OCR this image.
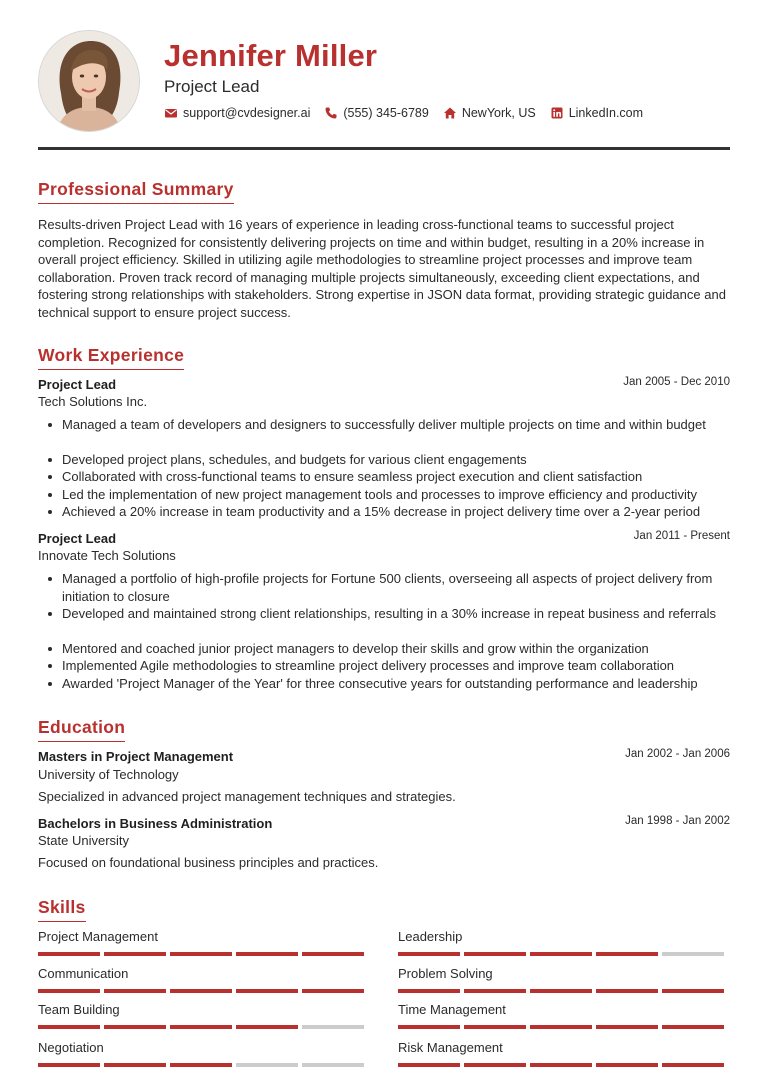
Jennifer Miller
Project Lead
support@cvdesigner.ai	(555) 345-6789	NewYork, US	LinkedIn.com
Professional Summary
Results-driven Project Lead with 16 years of experience in leading cross-functional teams to successful project completion. Recognized for consistently delivering projects on time and within budget, resulting in a 20% increase in overall project efficiency. Skilled in utilizing agile methodologies to streamline project processes and improve team collaboration. Proven track record of managing multiple projects simultaneously, exceeding client expectations, and fostering strong relationships with stakeholders. Strong expertise in JSON data format, providing strategic guidance and technical support to ensure project success.
Work Experience
Project Lead	Jan 2005 - Dec 2010
Tech Solutions Inc.
Managed a team of developers and designers to successfully deliver multiple projects on time and within budget
Developed project plans, schedules, and budgets for various client engagements
Collaborated with cross-functional teams to ensure seamless project execution and client satisfaction
Led the implementation of new project management tools and processes to improve efficiency and productivity
Achieved a 20% increase in team productivity and a 15% decrease in project delivery time over a 2-year period
Project Lead	Jan 2011 - Present
Innovate Tech Solutions
Managed a portfolio of high-profile projects for Fortune 500 clients, overseeing all aspects of project delivery from initiation to closure
Developed and maintained strong client relationships, resulting in a 30% increase in repeat business and referrals
Mentored and coached junior project managers to develop their skills and grow within the organization
Implemented Agile methodologies to streamline project delivery processes and improve team collaboration
Awarded 'Project Manager of the Year' for three consecutive years for outstanding performance and leadership
Education
Masters in Project Management	Jan 2002 - Jan 2006
University of Technology
Specialized in advanced project management techniques and strategies.
Bachelors in Business Administration	Jan 1998 - Jan 2002
State University
Focused on foundational business principles and practices.
Skills
Project Management	Leadership
Communication	Problem Solving
Team Building	Time Management
Negotiation	Risk Management
